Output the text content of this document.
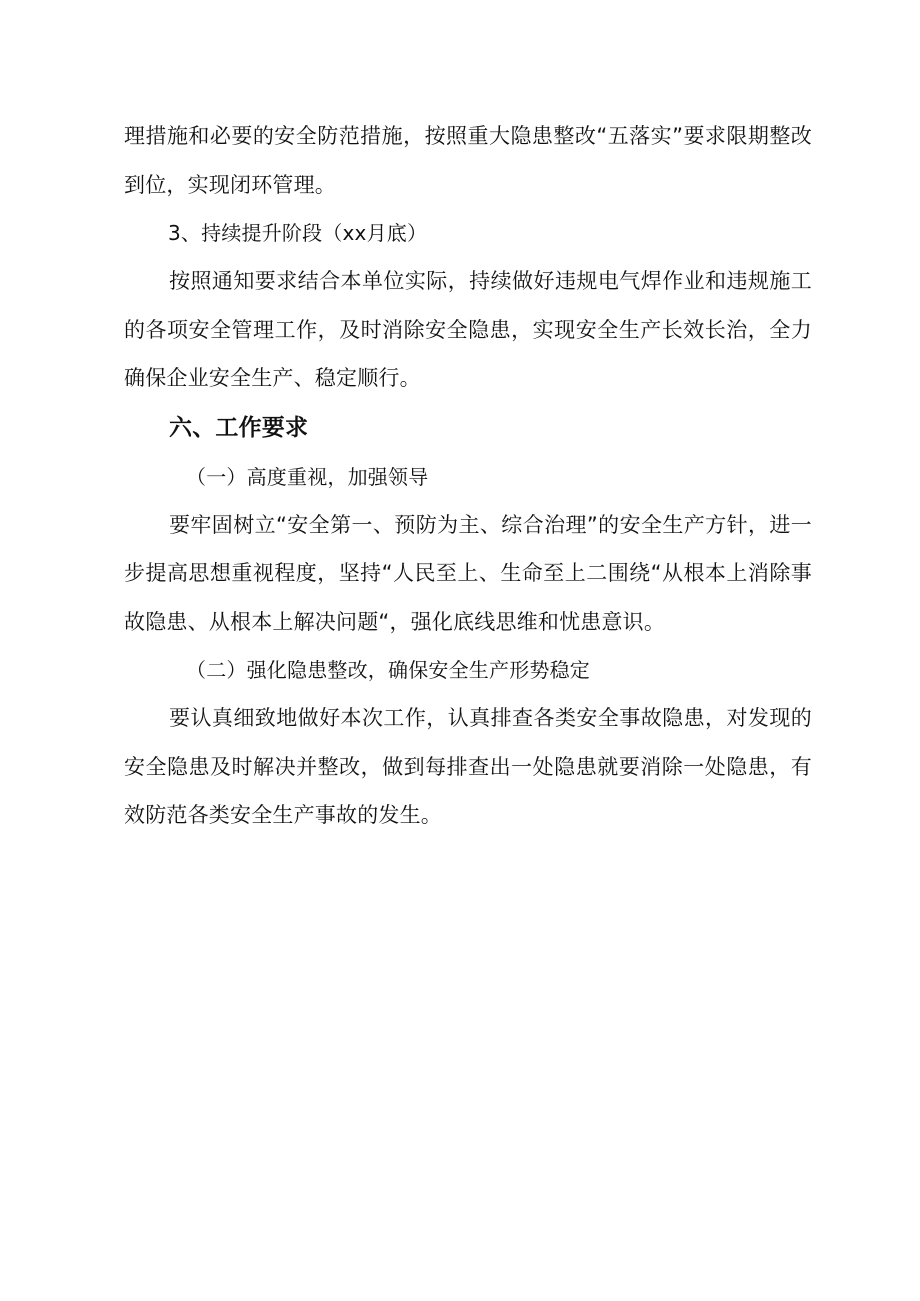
理措施和必要的安全防范措施，按照重大隐患整改“五落实”要求限期整改到位，实现闭环管理。

3、持续提升阶段（xx月底）

按照通知要求结合本单位实际，持续做好违规电气焊作业和违规施工的各项安全管理工作，及时消除安全隐患，实现安全生产长效长治，全力确保企业安全生产、稳定顺行。

六、工作要求

（一）高度重视，加强领导

要牢固树立“安全第一、预防为主、综合治理”的安全生产方针，进一步提高思想重视程度，坚持“人民至上、生命至上二围绕“从根本上消除事故隐患、从根本上解决问题“，强化底线思维和忧患意识。

（二）强化隐患整改，确保安全生产形势稳定

要认真细致地做好本次工作，认真排查各类安全事故隐患，对发现的安全隐患及时解决并整改，做到每排查出一处隐患就要消除一处隐患，有效防范各类安全生产事故的发生。
